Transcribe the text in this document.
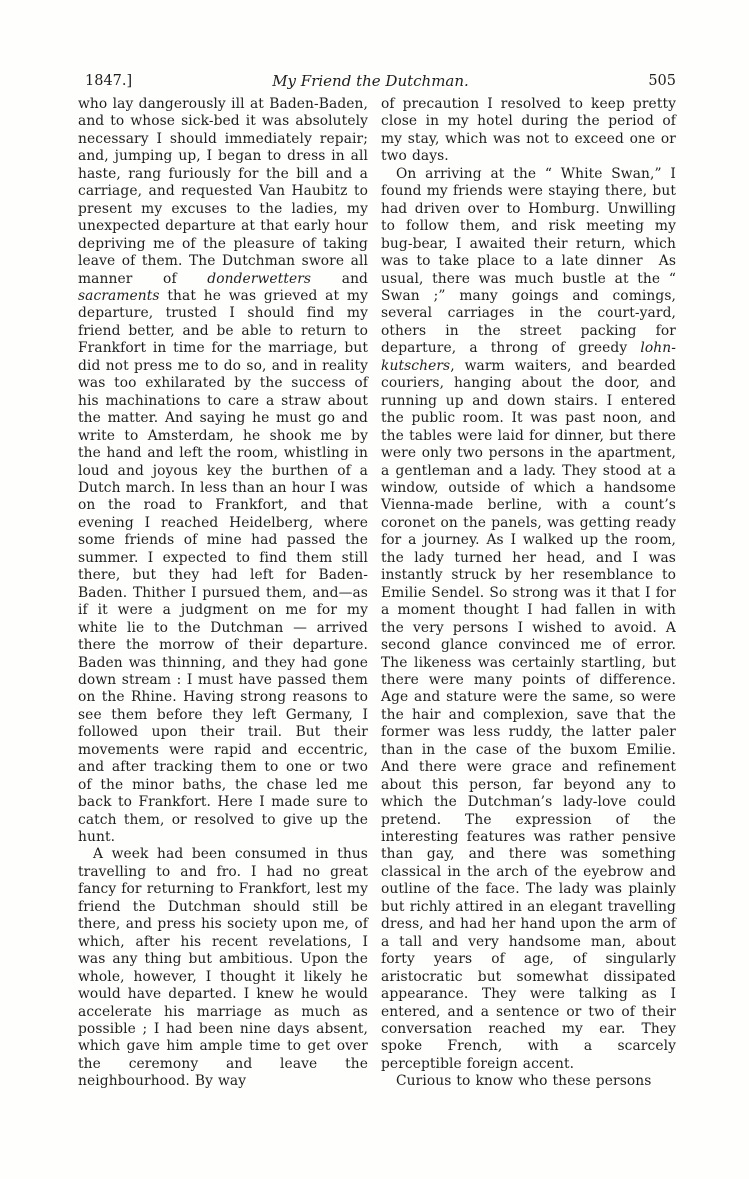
1847.]	My Friend the Dutchman.	505

who lay dangerously ill at Baden-Baden, and to whose sick-bed it was absolutely necessary I should immediately repair; and, jumping up, I began to dress in all haste, rang furiously for the bill and a carriage, and requested Van Haubitz to present my excuses to the ladies, my unexpected departure at that early hour depriving me of the pleasure of taking leave of them. The Dutchman swore all manner of donderwetters and sacraments that he was grieved at my departure, trusted I should find my friend better, and be able to return to Frankfort in time for the marriage, but did not press me to do so, and in reality was too exhilarated by the success of his machinations to care a straw about the matter. And saying he must go and write to Amsterdam, he shook me by the hand and left the room, whistling in loud and joyous key the burthen of a Dutch march. In less than an hour I was on the road to Frankfort, and that evening I reached Heidelberg, where some friends of mine had passed the summer. I expected to find them still there, but they had left for Baden-Baden. Thither I pursued them, and—as if it were a judgment on me for my white lie to the Dutchman — arrived there the morrow of their departure. Baden was thinning, and they had gone down stream : I must have passed them on the Rhine. Having strong reasons to see them before they left Germany, I followed upon their trail. But their movements were rapid and eccentric, and after tracking them to one or two of the minor baths, the chase led me back to Frankfort. Here I made sure to catch them, or resolved to give up the hunt.

A week had been consumed in thus travelling to and fro. I had no great fancy for returning to Frankfort, lest my friend the Dutchman should still be there, and press his society upon me, of which, after his recent revelations, I was any thing but ambitious. Upon the whole, however, I thought it likely he would have departed. I knew he would accelerate his marriage as much as possible ; I had been nine days absent, which gave him ample time to get over the ceremony and leave the neighbourhood. By way

of precaution I resolved to keep pretty close in my hotel during the period of my stay, which was not to exceed one or two days.

On arriving at the “ White Swan,” I found my friends were staying there, but had driven over to Homburg. Unwilling to follow them, and risk meeting my bug-bear, I awaited their return, which was to take place to a late dinner  As usual, there was much bustle at the “ Swan ;” many goings and comings, several carriages in the court-yard, others in the street packing for departure, a throng of greedy lohn-kutschers, warm waiters, and bearded couriers, hanging about the door, and running up and down stairs. I entered the public room. It was past noon, and the tables were laid for dinner, but there were only two persons in the apartment, a gentleman and a lady. They stood at a window, outside of which a handsome Vienna-made berline, with a count’s coronet on the panels, was getting ready for a journey. As I walked up the room, the lady turned her head, and I was instantly struck by her resemblance to Emilie Sendel. So strong was it that I for a moment thought I had fallen in with the very persons I wished to avoid. A second glance convinced me of error. The likeness was certainly startling, but there were many points of difference. Age and stature were the same, so were the hair and complexion, save that the former was less ruddy, the latter paler than in the case of the buxom Emilie. And there were grace and refinement about this person, far beyond any to which the Dutchman’s lady-love could pretend. The expression of the interesting features was rather pensive than gay, and there was something classical in the arch of the eyebrow and outline of the face. The lady was plainly but richly attired in an elegant travelling dress, and had her hand upon the arm of a tall and very handsome man, about forty years of age, of singularly aristocratic but somewhat dissipated appearance. They were talking as I entered, and a sentence or two of their conversation reached my ear. They spoke French, with a scarcely perceptible foreign accent.

Curious to know who these persons
